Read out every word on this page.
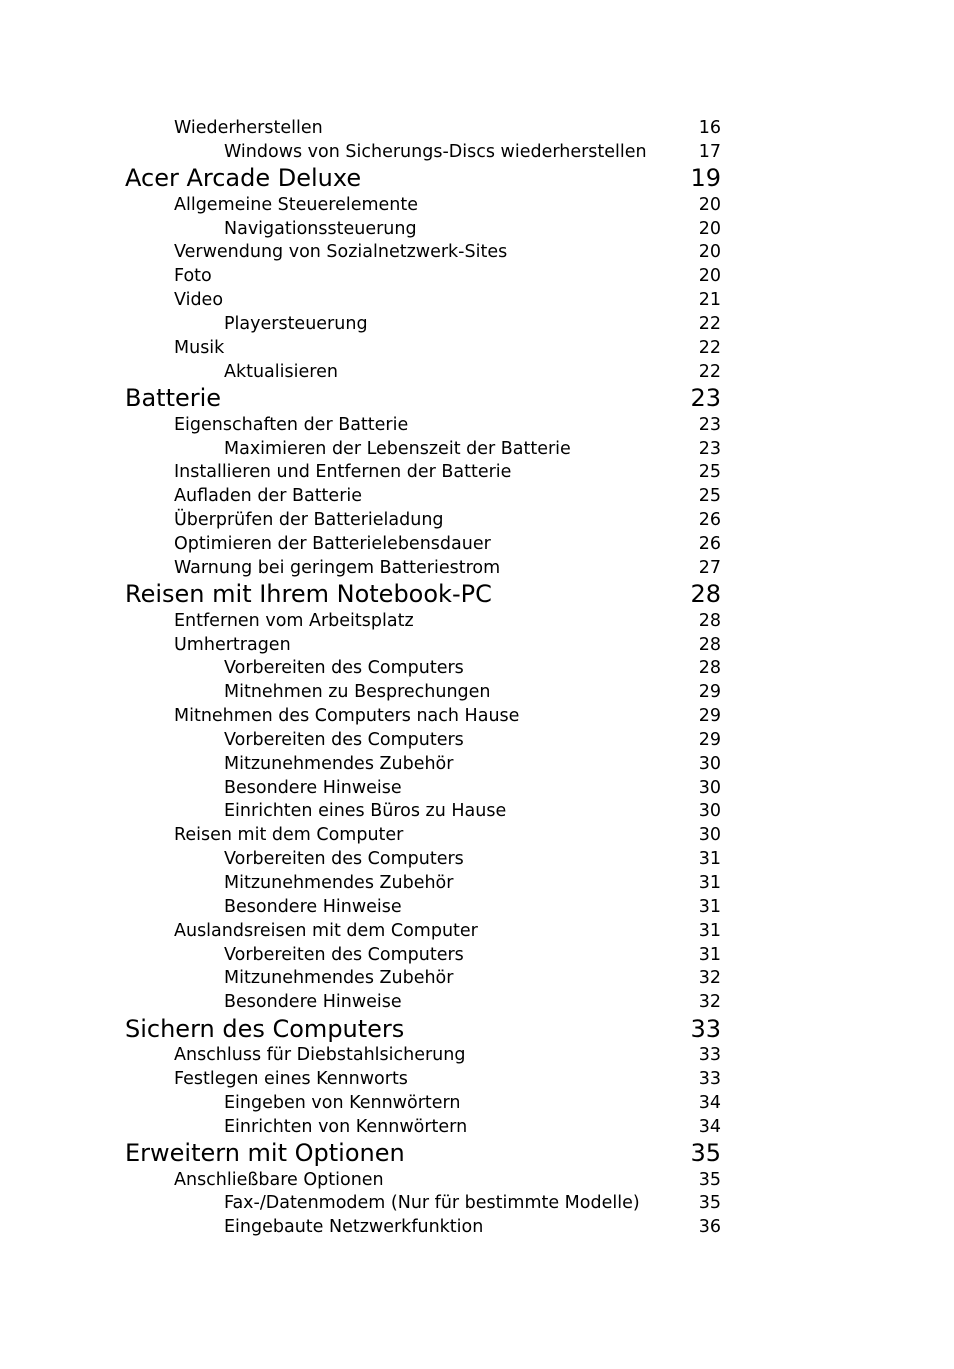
Wiederherstellen	16
Windows von Sicherungs-Discs wiederherstellen	17
Acer Arcade Deluxe	19
Allgemeine Steuerelemente	20
Navigationssteuerung	20
Verwendung von Sozialnetzwerk-Sites	20
Foto	20
Video	21
Playersteuerung	22
Musik	22
Aktualisieren	22
Batterie	23
Eigenschaften der Batterie	23
Maximieren der Lebenszeit der Batterie	23
Installieren und Entfernen der Batterie	25
Aufladen der Batterie	25
Überprüfen der Batterieladung	26
Optimieren der Batterielebensdauer	26
Warnung bei geringem Batteriestrom	27
Reisen mit Ihrem Notebook-PC	28
Entfernen vom Arbeitsplatz	28
Umhertragen	28
Vorbereiten des Computers	28
Mitnehmen zu Besprechungen	29
Mitnehmen des Computers nach Hause	29
Vorbereiten des Computers	29
Mitzunehmendes Zubehör	30
Besondere Hinweise	30
Einrichten eines Büros zu Hause	30
Reisen mit dem Computer	30
Vorbereiten des Computers	31
Mitzunehmendes Zubehör	31
Besondere Hinweise	31
Auslandsreisen mit dem Computer	31
Vorbereiten des Computers	31
Mitzunehmendes Zubehör	32
Besondere Hinweise	32
Sichern des Computers	33
Anschluss für Diebstahlsicherung	33
Festlegen eines Kennworts	33
Eingeben von Kennwörtern	34
Einrichten von Kennwörtern	34
Erweitern mit Optionen	35
Anschließbare Optionen	35
Fax-/Datenmodem (Nur für bestimmte Modelle)	35
Eingebaute Netzwerkfunktion	36
